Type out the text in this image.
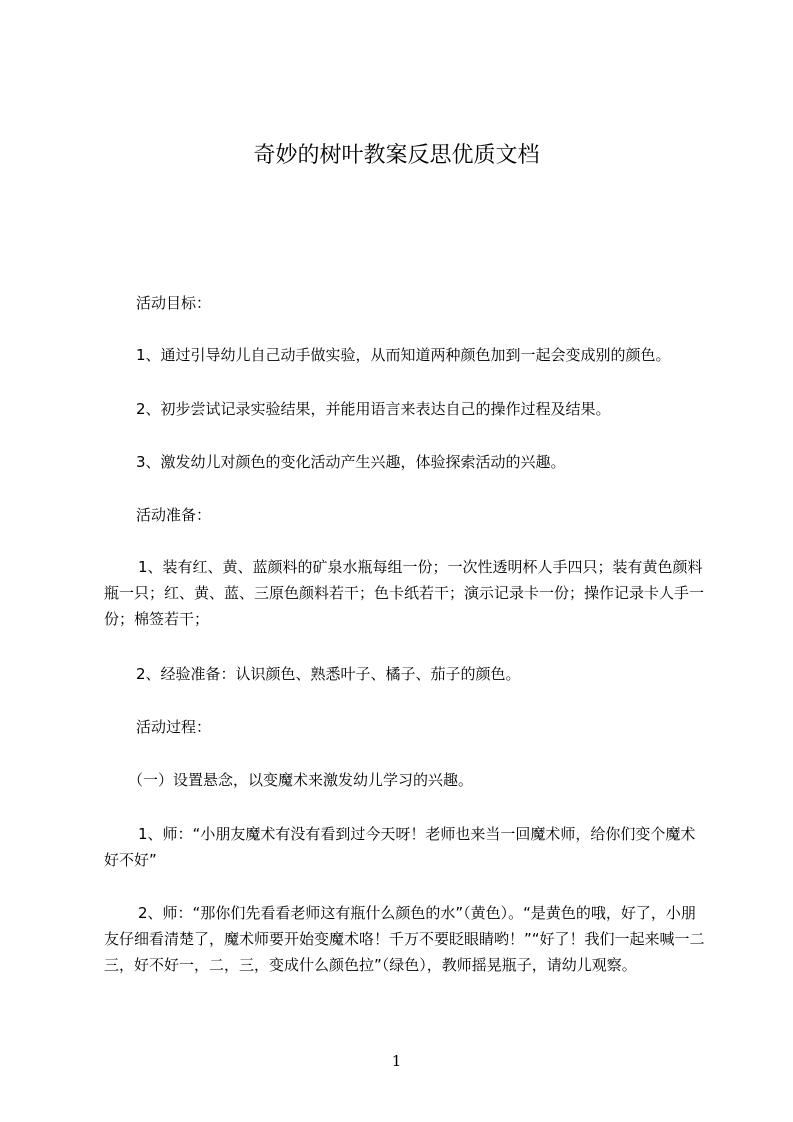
奇妙的树叶教案反思优质文档

活动目标：

1、通过引导幼儿自己动手做实验，从而知道两种颜色加到一起会变成别的颜色。

2、初步尝试记录实验结果，并能用语言来表达自己的操作过程及结果。

3、激发幼儿对颜色的变化活动产生兴趣，体验探索活动的兴趣。

活动准备：

1、装有红、黄、蓝颜料的矿泉水瓶每组一份；一次性透明杯人手四只；装有黄色颜料瓶一只；红、黄、蓝、三原色颜料若干；色卡纸若干；演示记录卡一份；操作记录卡人手一份；棉签若干；

2、经验准备：认识颜色、熟悉叶子、橘子、茄子的颜色。

活动过程：

（一）设置悬念，以变魔术来激发幼儿学习的兴趣。

1、师：“小朋友魔术有没有看到过今天呀！老师也来当一回魔术师，给你们变个魔术好不好”

2、师：“那你们先看看老师这有瓶什么颜色的水”（黄色）。“是黄色的哦，好了，小朋友仔细看清楚了，魔术师要开始变魔术咯！千万不要眨眼睛哟！”“好了！我们一起来喊一二三，好不好一，二，三，变成什么颜色拉”（绿色），教师摇晃瓶子，请幼儿观察。

1
